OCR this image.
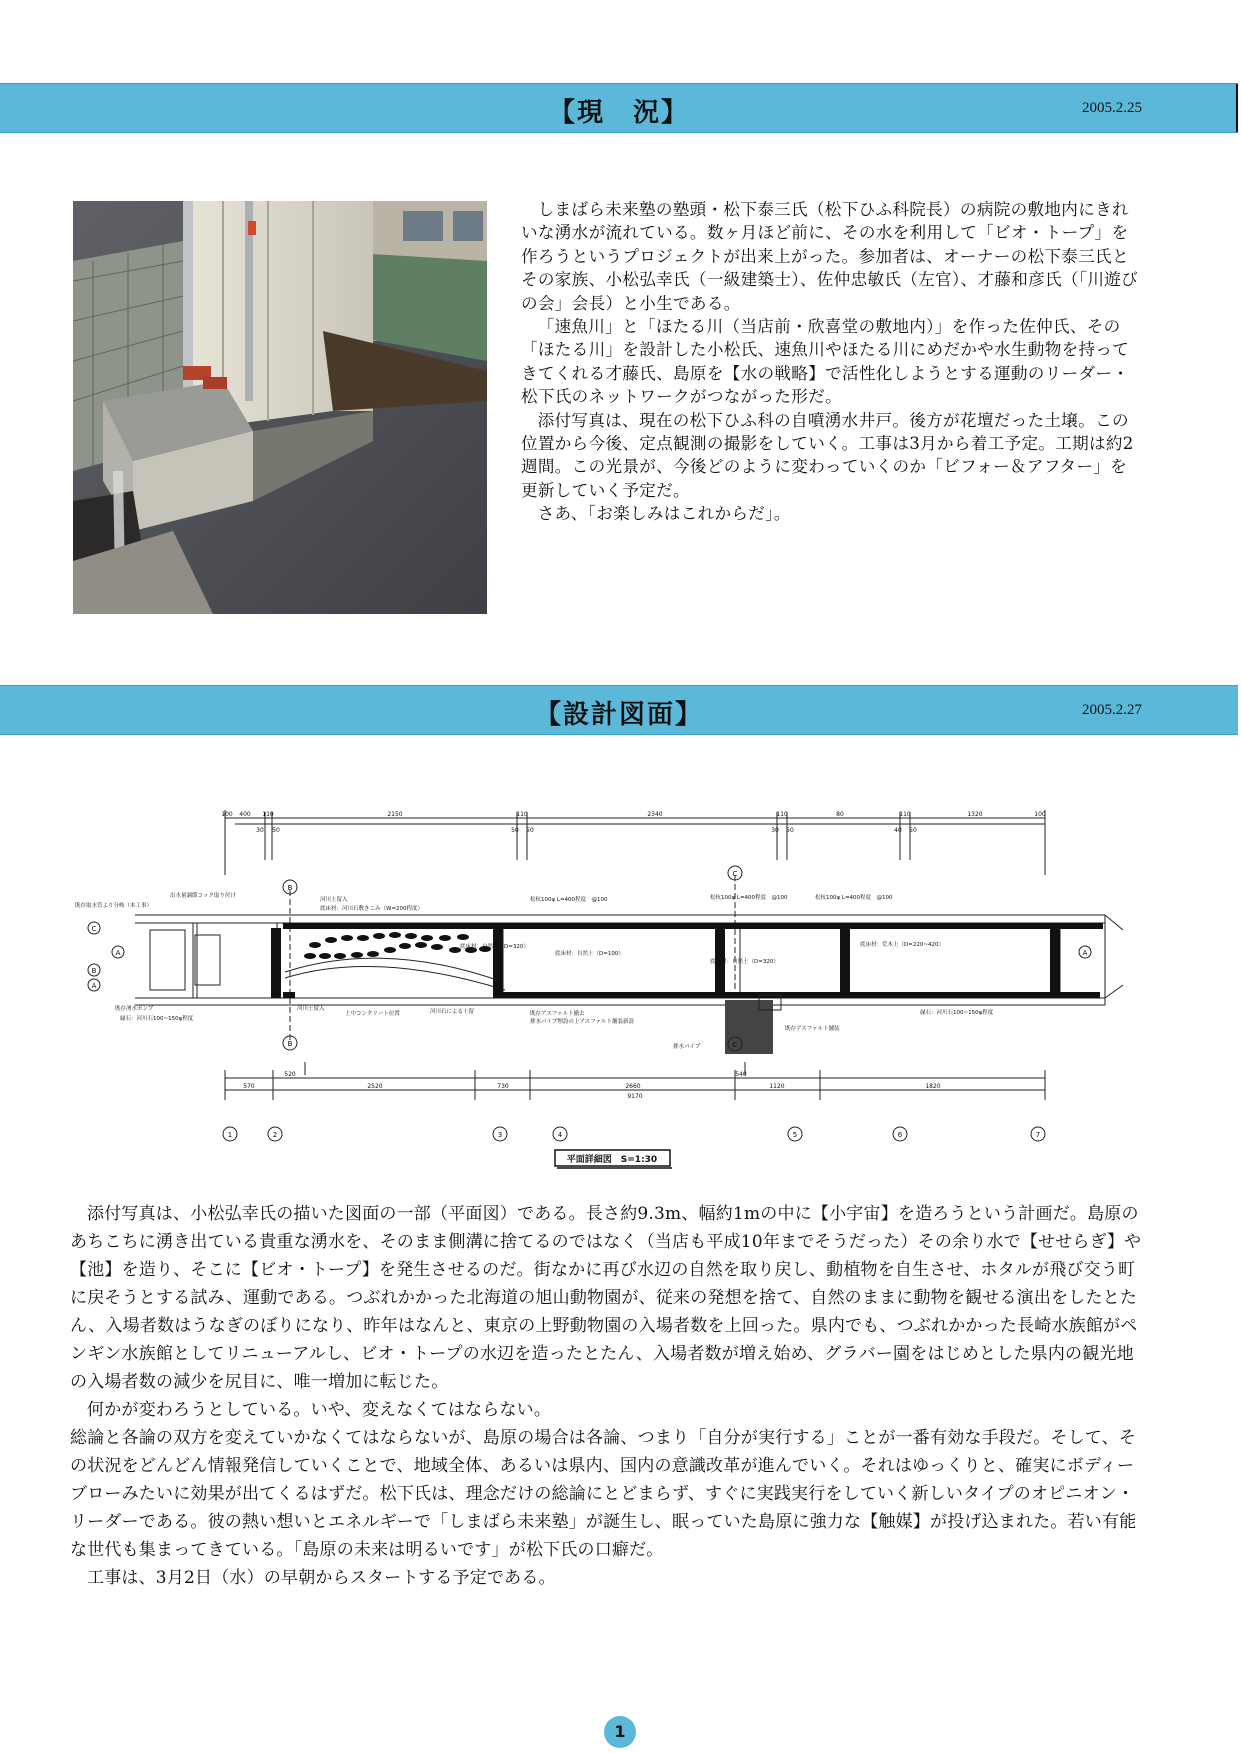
【現　況】	2005.2.25

しまばら未来塾の塾頭・松下泰三氏（松下ひふ科院長）の病院の敷地内にきれいな湧水が流れている。数ヶ月ほど前に、その水を利用して「ビオ・トープ」を作ろうというプロジェクトが出来上がった。参加者は、オーナーの松下泰三氏とその家族、小松弘幸氏（一級建築士）、佐仲忠敏氏（左官）、才藤和彦氏（「川遊びの会」会長）と小生である。

「速魚川」と「ほたる川（当店前・欣喜堂の敷地内）」を作った佐仲氏、その「ほたる川」を設計した小松氏、速魚川やほたる川にめだかや水生動物を持ってきてくれる才藤氏、島原を【水の戦略】で活性化しようとする運動のリーダー・松下氏のネットワークがつながった形だ。

添付写真は、現在の松下ひふ科の自噴湧水井戸。後方が花壇だった土壌。この位置から今後、定点観測の撮影をしていく。工事は3月から着工予定。工期は約2週間。この光景が、今後どのように変わっていくのか「ビフォー＆アフター」を更新していく予定だ。

さあ、「お楽しみはこれからだ」。

【設計図面】	2005.2.27
B
B
C
C
C
B
A
A	A
1	2	3	4	5	6	7
100 400 110	2150	110	2340	110	80	110	1320	100
30 50	50 50	30 50	40 50
570
520
2520	730	2660
540
1120	1820
9170
出水量調節コック取り付け
既存取水管より分岐（本工事）
河川土留入
底床材：河川石敷きこみ（W=200程度）
松杭100φ L=400程度　@100	松杭100φ L=400程度　@100	松杭100φ L=400程度　@100
底床材：荒木土（D=220~420）
底床材：自然土（D=320）
底床材：自然土（D=100）
底床材：自然土（D=320）
既存湧水ポンプ
縁石：河川石100~150φ程度
河川土留入
土中コンクリート位置	河川石による土留	既存アスファルト撤去
排水パイプ埋設の上アスファルト舗装新設
既存アスファルト舗装
排水パイプ
縁石：河川石100~150φ程度
平面詳細図　S=1:30

添付写真は、小松弘幸氏の描いた図面の一部（平面図）である。長さ約9.3m、幅約1mの中に【小宇宙】を造ろうという計画だ。島原のあちこちに湧き出ている貴重な湧水を、そのまま側溝に捨てるのではなく（当店も平成10年までそうだった）その余り水で【せせらぎ】や【池】を造り、そこに【ビオ・トープ】を発生させるのだ。街なかに再び水辺の自然を取り戻し、動植物を自生させ、ホタルが飛び交う町に戻そうとする試み、運動である。つぶれかかった北海道の旭山動物園が、従来の発想を捨て、自然のままに動物を観せる演出をしたとたん、入場者数はうなぎのぼりになり、昨年はなんと、東京の上野動物園の入場者数を上回った。県内でも、つぶれかかった長崎水族館がペンギン水族館としてリニューアルし、ビオ・トープの水辺を造ったとたん、入場者数が増え始め、グラバー園をはじめとした県内の観光地の入場者数の減少を尻目に、唯一増加に転じた。

何かが変わろうとしている。いや、変えなくてはならない。

総論と各論の双方を変えていかなくてはならないが、島原の場合は各論、つまり「自分が実行する」ことが一番有効な手段だ。そして、その状況をどんどん情報発信していくことで、地域全体、あるいは県内、国内の意識改革が進んでいく。それはゆっくりと、確実にボディーブローみたいに効果が出てくるはずだ。松下氏は、理念だけの総論にとどまらず、すぐに実践実行をしていく新しいタイプのオピニオン・リーダーである。彼の熱い想いとエネルギーで「しまばら未来塾」が誕生し、眠っていた島原に強力な【触媒】が投げ込まれた。若い有能な世代も集まってきている。「島原の未来は明るいです」が松下氏の口癖だ。

工事は、3月2日（水）の早朝からスタートする予定である。

1
